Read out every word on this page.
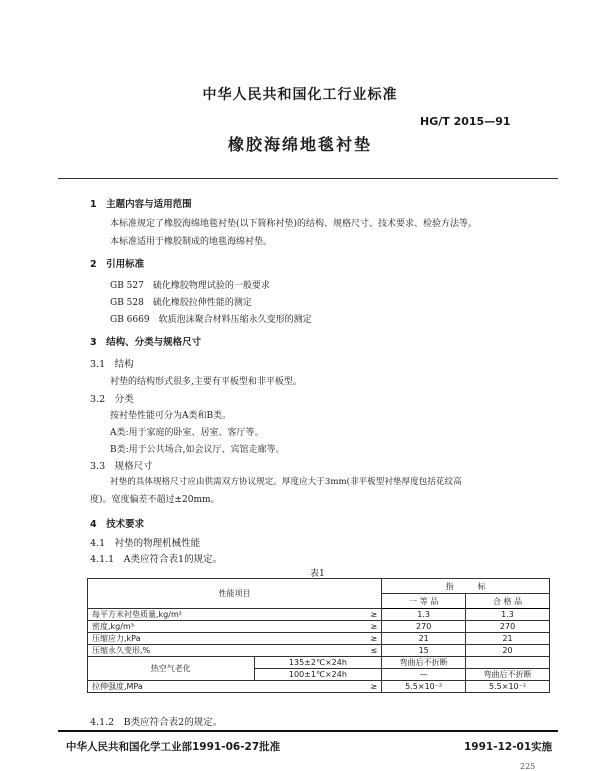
中华人民共和国化工行业标准
HG/T 2015—91
橡胶海绵地毯衬垫
1　主题内容与适用范围
本标准规定了橡胶海绵地毯衬垫(以下简称衬垫)的结构、规格尺寸、技术要求、检验方法等。
本标准适用于橡胶制成的地毯海绵衬垫。
2　引用标准
GB 527　硫化橡胶物理试验的一般要求
GB 528　硫化橡胶拉伸性能的测定
GB 6669　软质泡沫聚合材料压缩永久变形的测定
3　结构、分类与规格尺寸
3.1　结构
衬垫的结构形式很多,主要有平板型和非平板型。
3.2　分类
按衬垫性能可分为A类和B类。
A类:用于家庭的卧室、居室、客厅等。
B类:用于公共场合,如会议厅、宾馆走廊等。
3.3　规格尺寸
衬垫的具体规格尺寸应由供需双方协议规定。厚度应大于3mm(非平板型衬垫厚度包括花纹高
度)。宽度偏差不超过±20mm。
4　技术要求
4.1　衬垫的物理机械性能
4.1.1　A类应符合表1的规定。
表1
性能项目			指　　　标	
			一 等 品	合 格 品
每平方米衬垫质量,kg/m²		≥	1.3	1.3
密度,kg/m³		≥	270	270
压缩应力,kPa		≥	21	21
压缩永久变形,%		≤	15	20
热空气老化	135±2℃×24h		弯曲后不折断	
	100±1℃×24h		—	弯曲后不折断
拉伸强度,MPa		≥	5.5×10⁻²	5.5×10⁻²
4.1.2　B类应符合表2的规定。
中华人民共和国化学工业部1991-06-27批准	1991-12-01实施
225
